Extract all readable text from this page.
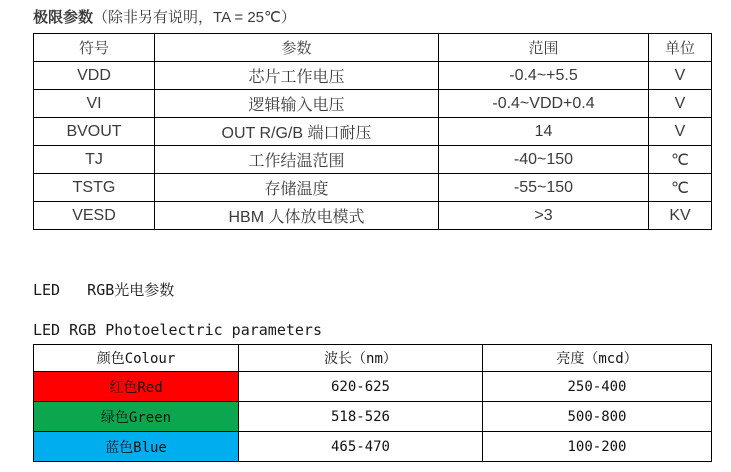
极限参数（除非另有说明，TA = 25℃）
符号	参数	范围	单位
VDD	芯片工作电压	-0.4~+5.5	V
VI	逻辑输入电压	-0.4~VDD+0.4	V
BVOUT	OUT R/G/B 端口耐压	14	V
TJ	工作结温范围	-40~150	℃
TSTG	存储温度	-55~150	℃
VESD	HBM 人体放电模式	>3	KV
LED   RGB光电参数
LED RGB Photoelectric parameters
颜色Colour	波长（nm）	亮度（mcd）
红色Red	620-625	250-400
绿色Green	518-526	500-800
蓝色Blue	465-470	100-200
